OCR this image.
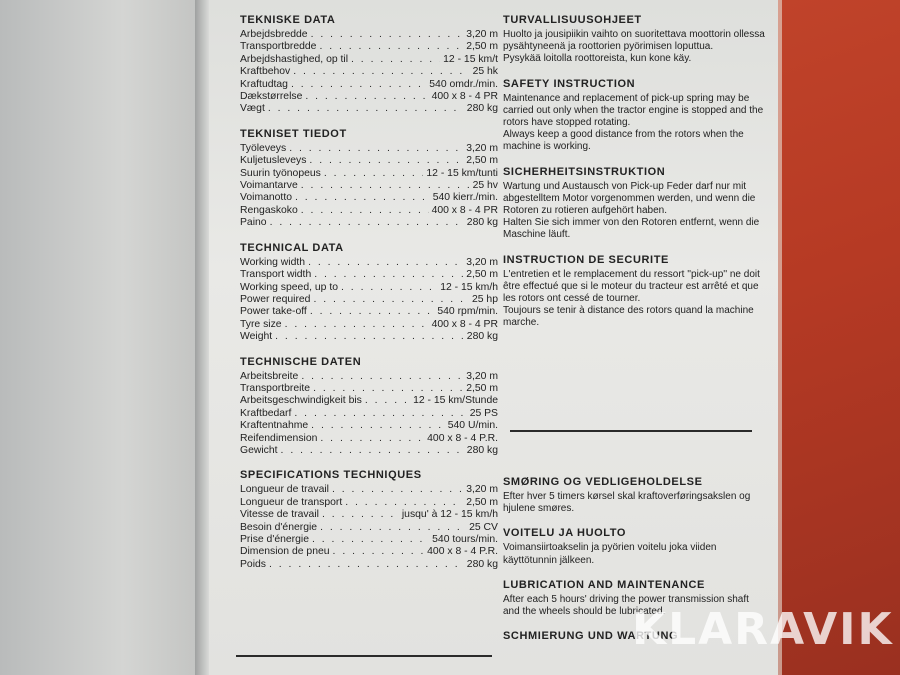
TEKNISKE DATA
Arbejdsbredde . . .	3,20 m
Transportbredde . . .	2,50 m
Arbejdshastighed, op til . . .	12 - 15 km/t
Kraftbehov . . .	25 hk
Kraftudtag . . .	540 omdr./min.
Dækstørrelse . . .	400 x 8 - 4 PR
Vægt . . .	280 kg
TEKNISET TIEDOT
Työleveys . . .	3,20 m
Kuljetusleveys . . .	2,50 m
Suurin työnopeus . . .	12 - 15 km/tunti
Voimantarve . . .	25 hv
Voimanotto . . .	540 kierr./min.
Rengaskoko . . .	400 x 8 - 4 PR
Paino . . .	280 kg
TECHNICAL DATA
Working width . . .	3,20 m
Transport width . . .	2,50 m
Working speed, up to . . .	12 - 15 km/h
Power required . . .	25 hp
Power take-off . . .	540 rpm/min.
Tyre size . . .	400 x 8 - 4 PR
Weight . . .	280 kg
TECHNISCHE DATEN
Arbeitsbreite . . .	3,20 m
Transportbreite . . .	2,50 m
Arbeitsgeschwindigkeit bis . . .	12 - 15 km/Stunde
Kraftbedarf . . .	25 PS
Kraftentnahme . . .	540 U/min.
Reifendimension . . .	400 x 8 - 4 P.R.
Gewicht . . .	280 kg
SPECIFICATIONS TECHNIQUES
Longueur de travail . . .	3,20 m
Longueur de transport . . .	2,50 m
Vitesse de travail . . .	jusqu' à 12 - 15 km/h
Besoin d'énergie . . .	25 CV
Prise d'énergie . . .	540 tours/min.
Dimension de pneu . . .	400 x 8 - 4 P.R.
Poids . . .	280 kg
TURVALLISUUSOHJEET

Huolto ja jousipiikin vaihto on suoritettava moottorin ollessa pysähtyneenä ja roottorien pyörimisen loputtua.

Pysykää loitolla roottoreista, kun kone käy.

SAFETY INSTRUCTION

Maintenance and replacement of pick-up spring may be carried out only when the tractor engine is stopped and the rotors have stopped rotating.

Always keep a good distance from the rotors when the machine is working.

SICHERHEITSINSTRUKTION

Wartung und Austausch von Pick-up Feder darf nur mit abgestelltem Motor vorgenommen werden, und wenn die Rotoren zu rotieren aufgehört haben.

Halten Sie sich immer von den Rotoren entfernt, wenn die Maschine läuft.

INSTRUCTION DE SECURITE

L'entretien et le remplacement du ressort ''pick-up'' ne doit être effectué que si le moteur du tracteur est arrêté et que les rotors ont cessé de tourner.

Toujours se tenir à distance des rotors quand la machine marche.

SMØRING OG VEDLIGEHOLDELSE

Efter hver 5 timers kørsel skal kraftoverføringsakslen og hjulene smøres.

VOITELU JA HUOLTO

Voimansiirtoakselin ja pyörien voitelu joka viiden käyttötunnin jälkeen.

LUBRICATION AND MAINTENANCE

After each 5 hours' driving the power transmission shaft and the wheels should be lubricated.

SCHMIERUNG UND WARTUNG
KLARAVIK
